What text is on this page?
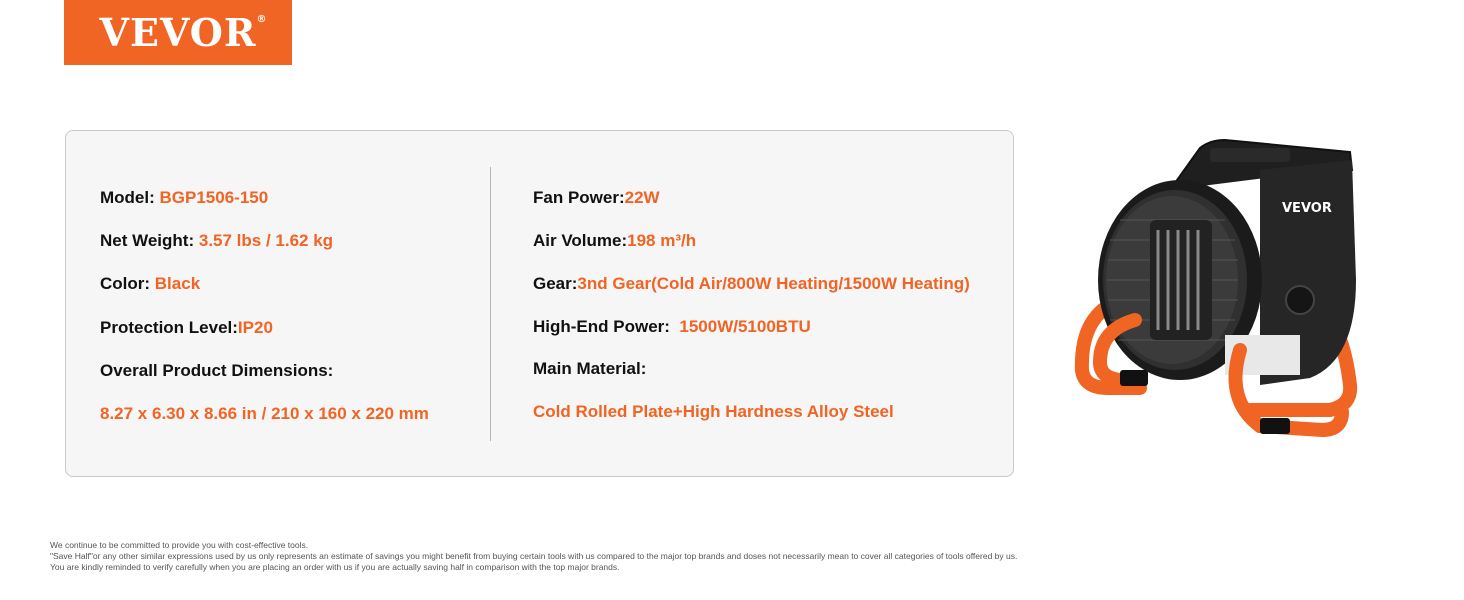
VEVOR ®
Model: BGP1506-150
Net Weight: 3.57 lbs / 1.62 kg
Color: Black
Protection Level:IP20
Overall Product Dimensions:
8.27 x 6.30 x 8.66 in / 210 x 160 x 220 mm
Fan Power:22W
Air Volume:198 m³/h
Gear:3nd Gear(Cold Air/800W Heating/1500W Heating)
High-End Power:  1500W/5100BTU
Main Material:
Cold Rolled Plate+High Hardness Alloy Steel
VEVOR
We continue to be committed to provide you with cost-effective tools.
"Save Half"or any other similar expressions used by us only represents an estimate of savings you might benefit from buying certain tools with us compared to the major top brands and doses not necessarily mean to cover all categories of tools offered by us.
You are kindly reminded to verify carefully when you are placing an order with us if you are actually saving half in comparison with the top major brands.
